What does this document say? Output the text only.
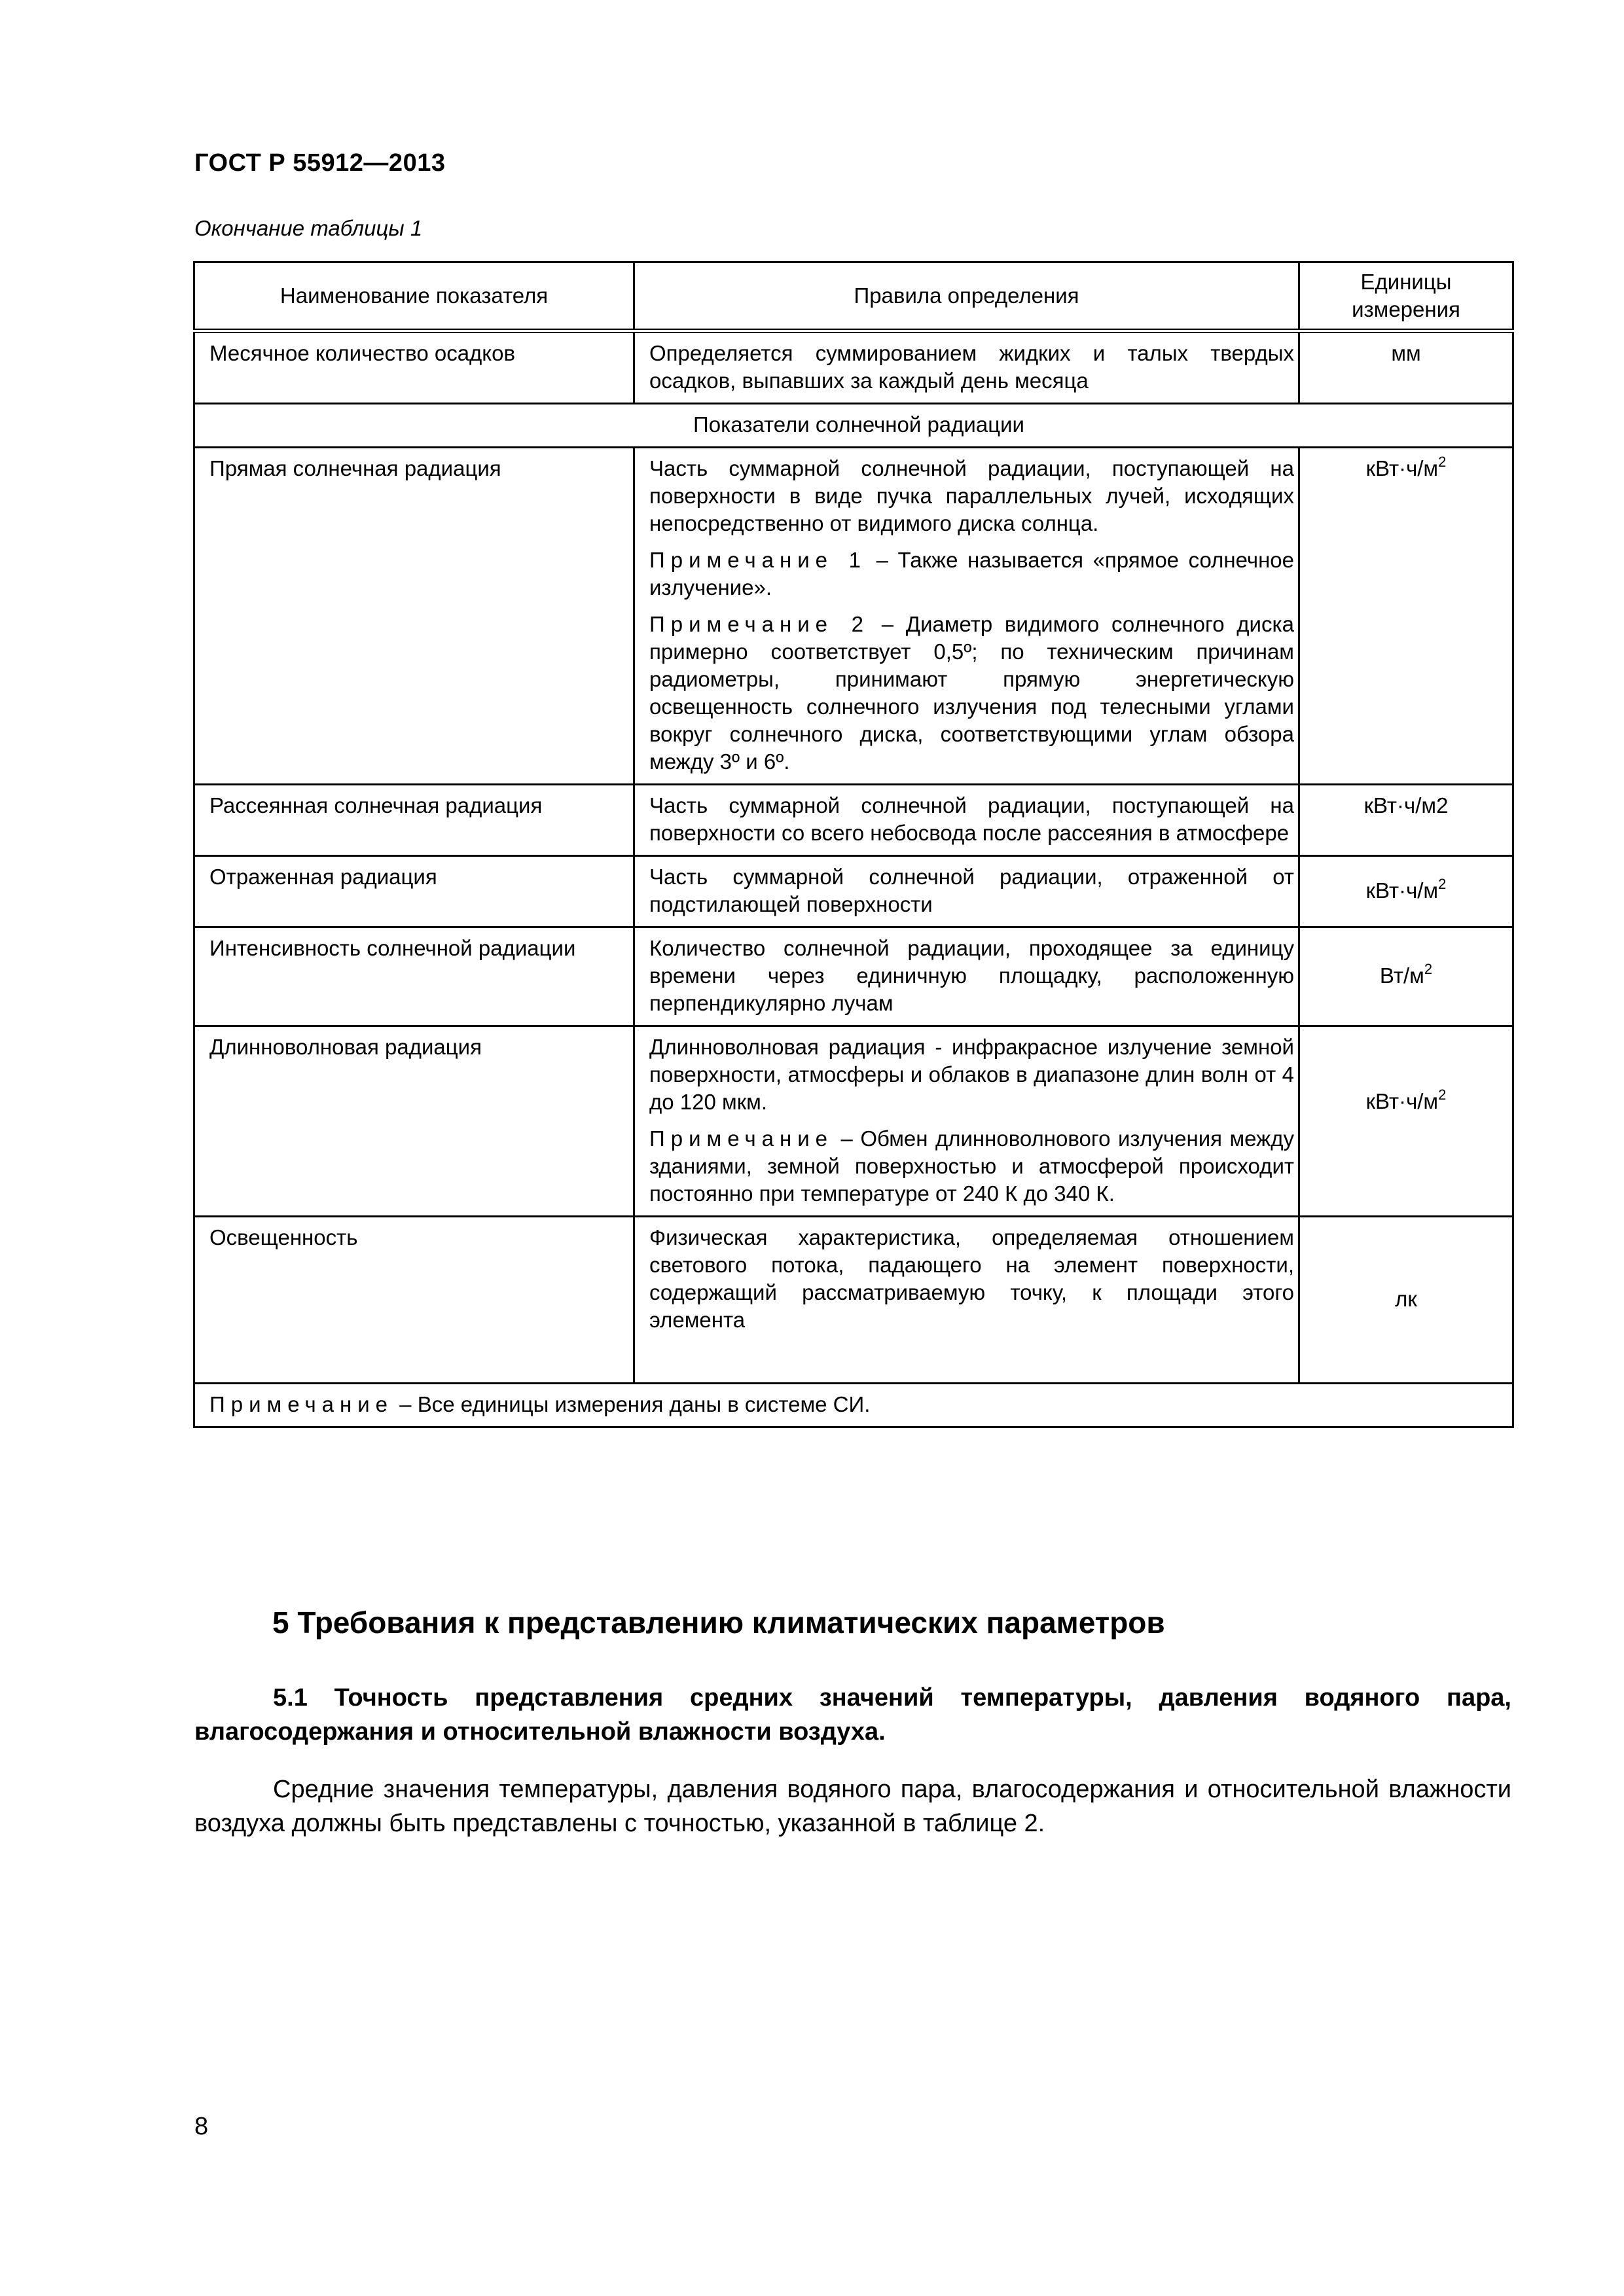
ГОСТ Р 55912—2013
Окончание таблицы 1
Наименование показателя	Правила определения	Единицы измерения
Месячное количество осадков	Определяется суммированием жидких и талых твердых осадков, выпавших за каждый день месяца	мм
Показатели солнечной радиации		
Прямая солнечная радиация	Часть суммарной солнечной радиации, поступающей на поверхности в виде пучка параллельных лучей, исходящих непосредственно от видимого диска солнца.

Примечание 1 – Также называется «прямое солнечное излучение».

Примечание 2 – Диаметр видимого солнечного диска примерно соответствует 0,5º; по техническим причинам радиометры, принимают прямую энергетическую освещенность солнечного излучения под телесными углами вокруг солнечного диска, соответствующими углам обзора между 3º и 6º.	$кВт\cdot ч/м^2$
Рассеянная солнечная радиация	Часть суммарной солнечной радиации, поступающей на поверхности со всего небосвода после рассеяния в атмосфере	кВт·ч/м2
Отраженная радиация	Часть суммарной солнечной радиации, отраженной от подстилающей поверхности	$кВт\cdot ч/м^2$
Интенсивность солнечной радиации	Количество солнечной радиации, проходящее за единицу времени через единичную площадку, расположенную перпендикулярно лучам	$Вт/м^2$
Длинноволновая радиация	Длинноволновая радиация - инфракрасное излучение земной поверхности, атмосферы и облаков в диапазоне длин волн от 4 до 120 мкм.

Примечание – Обмен длинноволнового излучения между зданиями, земной поверхностью и атмосферой происходит постоянно при температуре от 240 К до 340 К.	$кВт\cdot ч/м^2$
Освещенность	Физическая характеристика, определяемая отношением светового потока, падающего на элемент поверхности, содержащий рассматриваемую точку, к площади этого элемента	лк
Примечание – Все единицы измерения даны в системе СИ.		
5 Требования к представлению климатических параметров

5.1 Точность представления средних значений температуры, давления водяного пара, влагосодержания и относительной влажности воздуха.

Средние значения температуры, давления водяного пара, влагосодержания и относительной влажности воздуха должны быть представлены с точностью, указанной в таблице 2.

8
